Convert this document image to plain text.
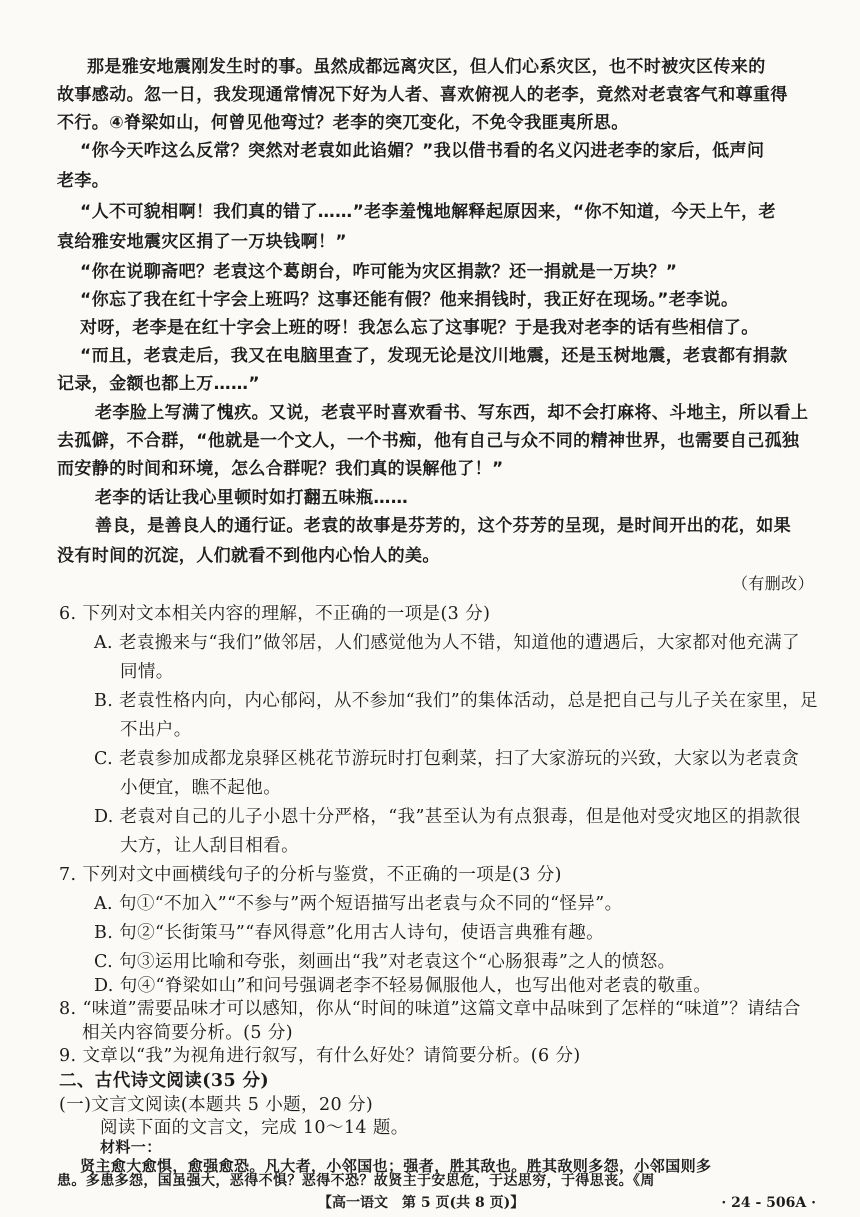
那是雅安地震刚发生时的事。虽然成都远离灾区，但人们心系灾区，也不时被灾区传来的
故事感动。忽一日，我发现通常情况下好为人者、喜欢俯视人的老李，竟然对老袁客气和尊重得
不行。④脊梁如山，何曾见他弯过？老李的突兀变化，不免令我匪夷所思。
“你今天咋这么反常？突然对老袁如此谄媚？”我以借书看的名义闪进老李的家后，低声问
老李。
“人不可貌相啊！我们真的错了……”老李羞愧地解释起原因来，“你不知道，今天上午，老
袁给雅安地震灾区捐了一万块钱啊！”
“你在说聊斋吧？老袁这个葛朗台，咋可能为灾区捐款？还一捐就是一万块？”
“你忘了我在红十字会上班吗？这事还能有假？他来捐钱时，我正好在现场。”老李说。
对呀，老李是在红十字会上班的呀！我怎么忘了这事呢？于是我对老李的话有些相信了。
“而且，老袁走后，我又在电脑里查了，发现无论是汶川地震，还是玉树地震，老袁都有捐款
记录，金额也都上万……”
老李脸上写满了愧疚。又说，老袁平时喜欢看书、写东西，却不会打麻将、斗地主，所以看上
去孤僻，不合群，“他就是一个文人，一个书痴，他有自己与众不同的精神世界，也需要自己孤独
而安静的时间和环境，怎么合群呢？我们真的误解他了！”
老李的话让我心里顿时如打翻五味瓶……
善良，是善良人的通行证。老袁的故事是芬芳的，这个芬芳的呈现，是时间开出的花，如果
没有时间的沉淀，人们就看不到他内心怡人的美。
（有删改）
6. 下列对文本相关内容的理解，不正确的一项是(3 分)
A. 老袁搬来与“我们”做邻居，人们感觉他为人不错，知道他的遭遇后，大家都对他充满了
同情。
B. 老袁性格内向，内心郁闷，从不参加“我们”的集体活动，总是把自己与儿子关在家里，足
不出户。
C. 老袁参加成都龙泉驿区桃花节游玩时打包剩菜，扫了大家游玩的兴致，大家以为老袁贪
小便宜，瞧不起他。
D. 老袁对自己的儿子小恩十分严格，“我”甚至认为有点狠毒，但是他对受灾地区的捐款很
大方，让人刮目相看。
7. 下列对文中画横线句子的分析与鉴赏，不正确的一项是(3 分)
A. 句①“不加入”“不参与”两个短语描写出老袁与众不同的“怪异”。
B. 句②“长街策马”“春风得意”化用古人诗句，使语言典雅有趣。
C. 句③运用比喻和夸张，刻画出“我”对老袁这个“心肠狠毒”之人的愤怒。
D. 句④“脊梁如山”和问号强调老李不轻易佩服他人，也写出他对老袁的敬重。
8. “味道”需要品味才可以感知，你从“时间的味道”这篇文章中品味到了怎样的“味道”？请结合
相关内容简要分析。(5 分)
9. 文章以“我”为视角进行叙写，有什么好处？请简要分析。(6 分)
二、古代诗文阅读(35 分)
(一)文言文阅读(本题共 5 小题，20 分)
阅读下面的文言文，完成 10～14 题。
【高一语文　第 5 页(共 8 页)】	· 24 - 506A ·
材料一：
贤主愈大愈惧，愈强愈恐。凡大者，小邻国也；强者，胜其敌也。胜其敌则多怨，小邻国则多
患。多患多怨，国虽强大，恶得不惧？恶得不恐？故贤主于安思危，于达思穷，于得思丧。《周
